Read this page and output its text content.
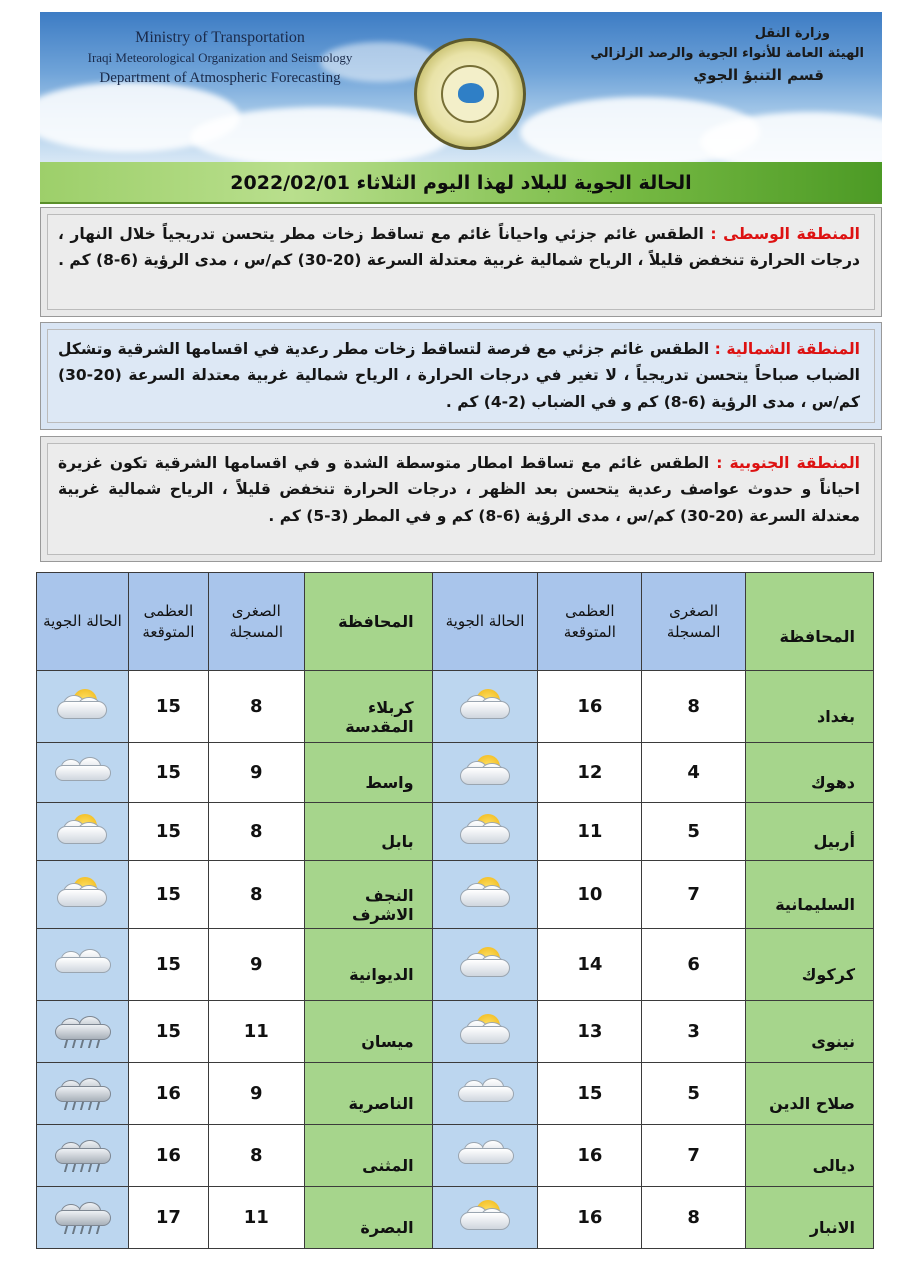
Ministry of Transportation
Iraqi Meteorological Organization and Seismology
Department of Atmospheric Forecasting
وزارة النقل
الهيئة العامة للأنواء الجوية والرصد الزلزالي
قسم التنبؤ الجوي
الحالة الجوية للبلاد لهذا اليوم الثلاثاء 2022/02/01
المنطقة الوسطى : الطقس غائم جزئي واحياناً غائم مع تساقط زخات مطر يتحسن تدريجياً خلال النهار ، درجات الحرارة تنخفض قليلاً ، الرياح شمالية غربية معتدلة السرعة (20-30) كم/س ، مدى الرؤية (6-8) كم .
المنطقة الشمالية : الطقس غائم جزئي مع فرصة لتساقط زخات مطر رعدية في اقسامها الشرقية وتشكل الضباب صباحاً يتحسن تدريجياً ، لا تغير في درجات الحرارة ، الرياح شمالية غربية معتدلة السرعة (20-30) كم/س ، مدى الرؤية (6-8) كم و في الضباب (2-4) كم .
المنطقة الجنوبية : الطقس غائم مع تساقط امطار متوسطة الشدة و في اقسامها الشرقية تكون غزيرة احياناً و حدوث عواصف رعدية يتحسن بعد الظهر ، درجات الحرارة تنخفض قليلاً ، الرياح شمالية غربية معتدلة السرعة (20-30) كم/س ، مدى الرؤية (6-8) كم و في المطر (3-5) كم .
المحافظة	الصغرى المسجلة	العظمى المتوقعة	الحالة الجوية	المحافظة	الصغرى المسجلة	العظمى المتوقعة	الحالة الجوية
بغداد	8	16		كربلاء المقدسة	8	15	

دهوك	4	12		واسط	9	15	

أربيل	5	11		بابل	8	15	

السليمانية	7	10		النجف الاشرف	8	15	

كركوك	6	14		الديوانية	9	15	

نينوى	3	13		ميسان	11	15	

صلاح الدين	5	15		الناصرية	9	16	

ديالى	7	16		المثنى	8	16	

الانبار	8	16		البصرة	11	17	
